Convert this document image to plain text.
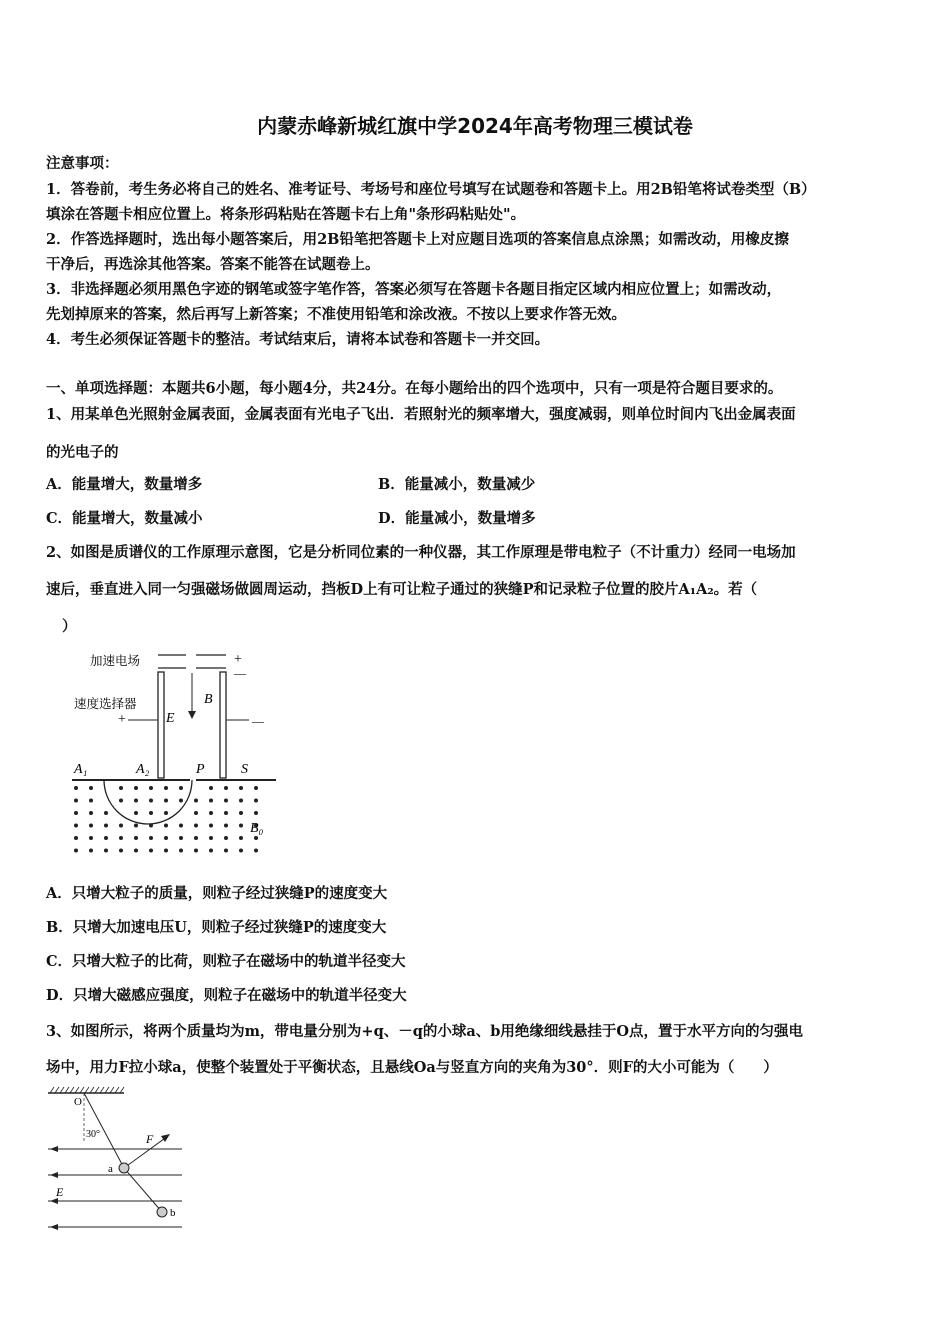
内蒙赤峰新城红旗中学2024年高考物理三模试卷
注意事项：
1．答卷前，考生务必将自己的姓名、准考证号、考场号和座位号填写在试题卷和答题卡上。用2B铅笔将试卷类型（B）
填涂在答题卡相应位置上。将条形码粘贴在答题卡右上角"条形码粘贴处"。
2．作答选择题时，选出每小题答案后，用2B铅笔把答题卡上对应题目选项的答案信息点涂黑；如需改动，用橡皮擦
干净后，再选涂其他答案。答案不能答在试题卷上。
3．非选择题必须用黑色字迹的钢笔或签字笔作答，答案必须写在答题卡各题目指定区域内相应位置上；如需改动，
先划掉原来的答案，然后再写上新答案；不准使用铅笔和涂改液。不按以上要求作答无效。
4．考生必须保证答题卡的整洁。考试结束后，请将本试卷和答题卡一并交回。
一、单项选择题：本题共6小题，每小题4分，共24分。在每小题给出的四个选项中，只有一项是符合题目要求的。
1、用某单色光照射金属表面，金属表面有光电子飞出．若照射光的频率增大，强度减弱，则单位时间内飞出金属表面
的光电子的
A．能量增大，数量增多	B．能量减小，数量减少
C．能量增大，数量减小	D．能量减小，数量增多
2、如图是质谱仪的工作原理示意图，它是分析同位素的一种仪器，其工作原理是带电粒子（不计重力）经同一电场加
速后，垂直进入同一匀强磁场做圆周运动，挡板D上有可让粒子通过的狭缝P和记录粒子位置的胶片A₁A₂。若（
）
加速电场	+
—
速度选择器
+	E
B
—
A₁	A₂	P	S
B₀
A．只增大粒子的质量，则粒子经过狭缝P的速度变大
B．只增大加速电压U，则粒子经过狭缝P的速度变大
C．只增大粒子的比荷，则粒子在磁场中的轨道半径变大
D．只增大磁感应强度，则粒子在磁场中的轨道半径变大
3、如图所示，将两个质量均为m，带电量分别为+q、－q的小球a、b用绝缘细线悬挂于O点，置于水平方向的匀强电
场中，用力F拉小球a，使整个装置处于平衡状态，且悬线Oa与竖直方向的夹角为30°．则F的大小可能为（　　）
O
30°	F
E
a
b
